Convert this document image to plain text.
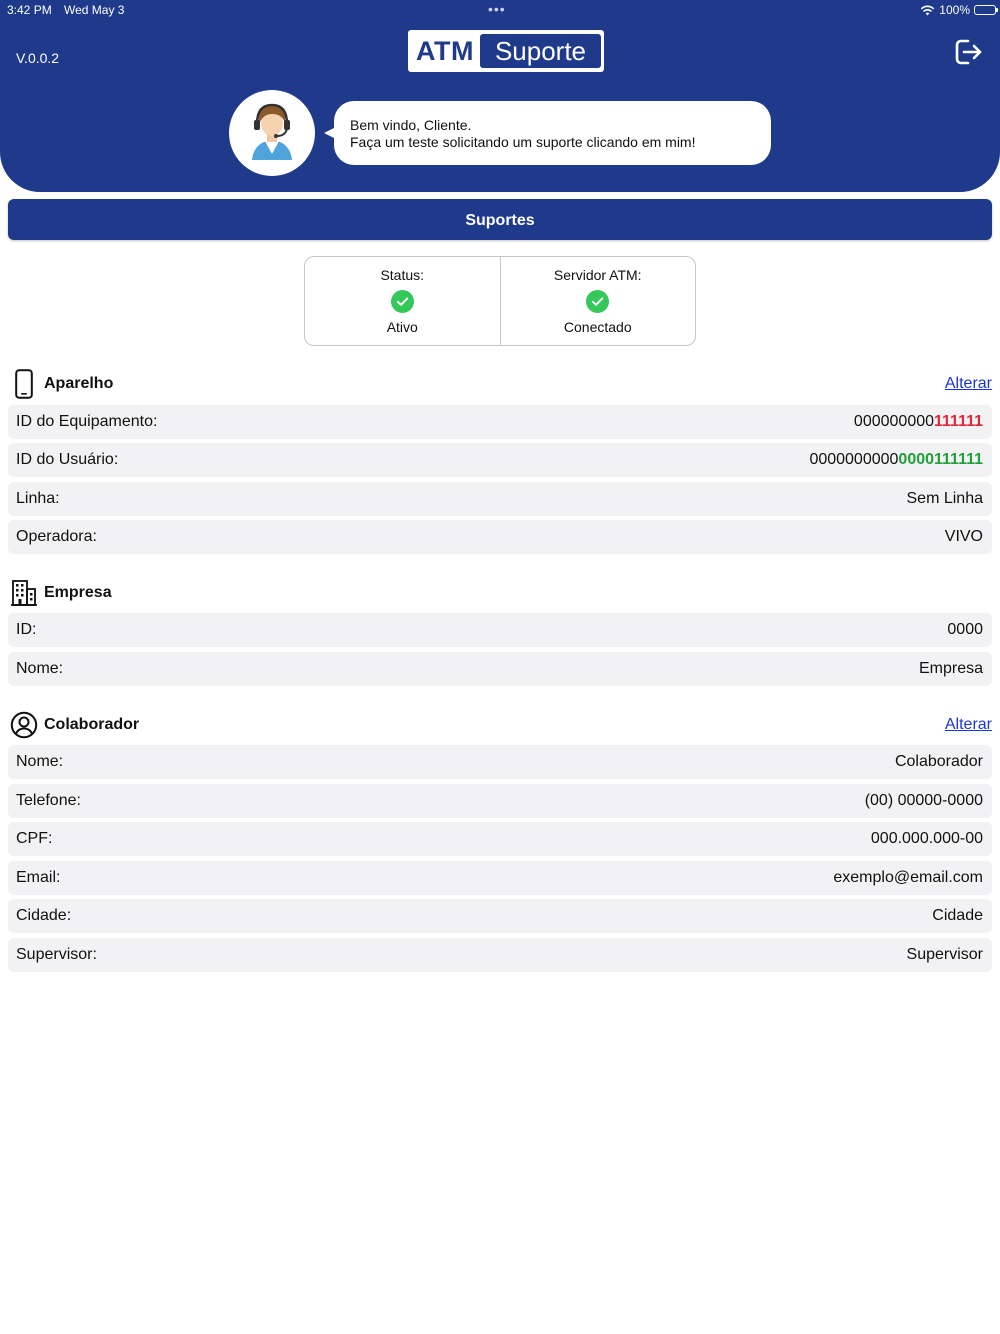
3:42 PM Wed May 3	•••	100%
V.0.0.2	ATM Suporte
Bem vindo, Cliente.
Faça um teste solicitando um suporte clicando em mim!
Suportes
Status:
Ativo
Servidor ATM:
Conectado
Aparelho	Alterar
ID do Equipamento:	000000000111111
ID do Usuário:	00000000000000111111
Linha:	Sem Linha
Operadora:	VIVO
Empresa
ID:	0000
Nome:	Empresa
Colaborador	Alterar
Nome:	Colaborador
Telefone:	(00) 00000-0000
CPF:	000.000.000-00
Email:	exemplo@email.com
Cidade:	Cidade
Supervisor:	Supervisor
